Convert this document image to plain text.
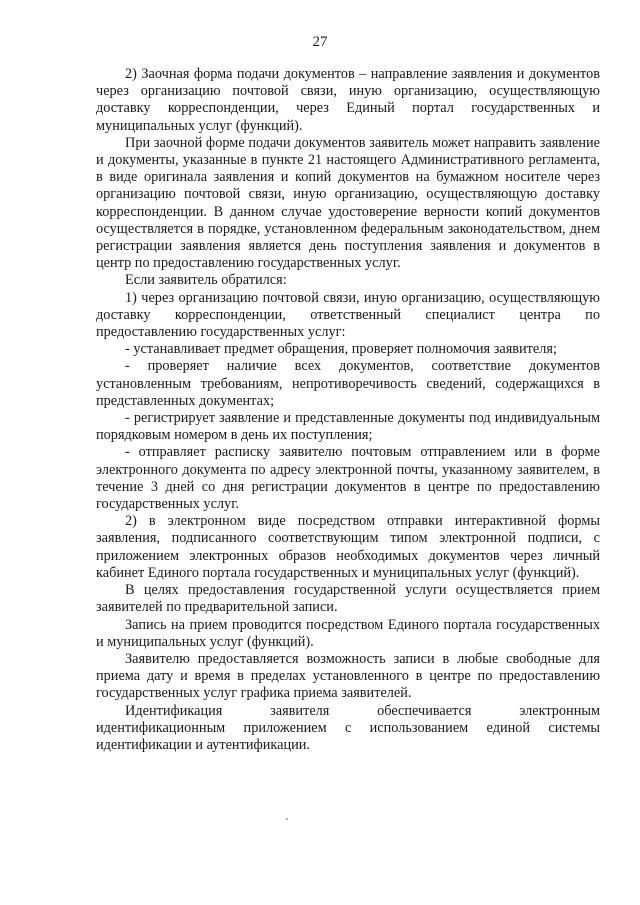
27

2) Заочная форма подачи документов – направление заявления и документов через организацию почтовой связи, иную организацию, осуществляющую доставку корреспонденции, через Единый портал государственных и муниципальных услуг (функций).

При заочной форме подачи документов заявитель может направить заявление и документы, указанные в пункте 21 настоящего Административного регламента, в виде оригинала заявления и копий документов на бумажном носителе через организацию почтовой связи, иную организацию, осуществляющую доставку корреспонденции. В данном случае удостоверение верности копий документов осуществляется в порядке, установленном федеральным законодательством, днем регистрации заявления является день поступления заявления и документов в центр по предоставлению государственных услуг.

Если заявитель обратился:

1) через организацию почтовой связи, иную организацию, осуществляющую доставку корреспонденции, ответственный специалист центра по предоставлению государственных услуг:

- устанавливает предмет обращения, проверяет полномочия заявителя;

- проверяет наличие всех документов, соответствие документов установленным требованиям, непротиворечивость сведений, содержащихся в представленных документах;

- регистрирует заявление и представленные документы под индивидуальным порядковым номером в день их поступления;

- отправляет расписку заявителю почтовым отправлением или в форме электронного документа по адресу электронной почты, указанному заявителем, в течение 3 дней со дня регистрации документов в центре по предоставлению государственных услуг.

2) в электронном виде посредством отправки интерактивной формы заявления, подписанного соответствующим типом электронной подписи, с приложением электронных образов необходимых документов через личный кабинет Единого портала государственных и муниципальных услуг (функций).

В целях предоставления государственной услуги осуществляется прием заявителей по предварительной записи.

Запись на прием проводится посредством Единого портала государственных и муниципальных услуг (функций).

Заявителю предоставляется возможность записи в любые свободные для приема дату и время в пределах установленного в центре по предоставлению государственных услуг графика приема заявителей.

Идентификация заявителя обеспечивается электронным идентификационным приложением с использованием единой системы идентификации и аутентификации.
